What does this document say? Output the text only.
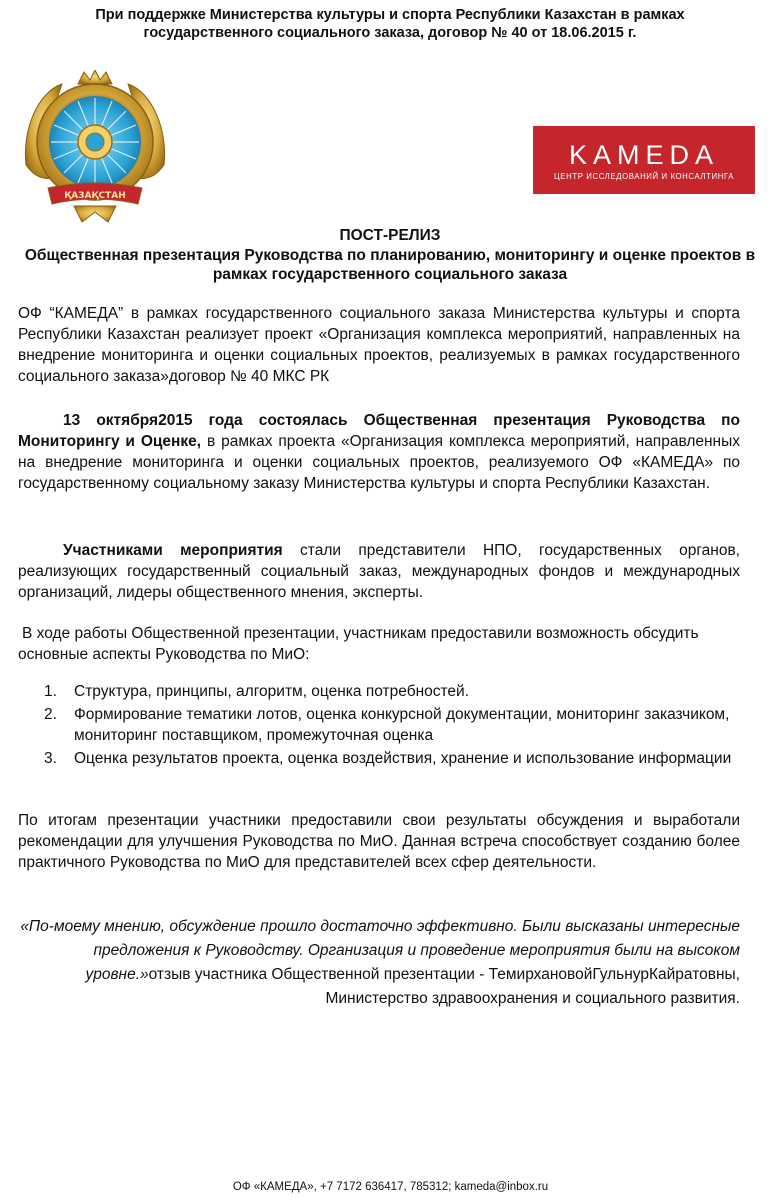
При поддержке Министерства культуры и спорта Республики Казахстан в рамках государственного социального заказа, договор № 40 от 18.06.2015 г.
ҚАЗАҚСТАН
KAMEDA
ЦЕНТР ИССЛЕДОВАНИЙ И КОНСАЛТИНГА
ПОСТ-РЕЛИЗ
Общественная презентация Руководства по планированию, мониторингу и оценке проектов в рамках государственного социального заказа
ОФ “КАМЕДА” в рамках государственного социального заказа Министерства культуры и спорта Республики Казахстан реализует проект «Организация комплекса мероприятий, направленных на внедрение мониторинга и оценки социальных проектов, реализуемых в рамках государственного социального заказа»договор № 40 МКС РК
13 октября2015 года состоялась Общественная презентация Руководства по Мониторингу и Оценке, в рамках проекта «Организация комплекса мероприятий, направленных на внедрение мониторинга и оценки социальных проектов, реализуемого ОФ «КАМЕДА» по государственному социальному заказу Министерства культуры и спорта Республики Казахстан.
Участниками мероприятия стали представители НПО, государственных органов, реализующих государственный социальный заказ, международных фондов и международных организаций, лидеры общественного мнения, эксперты.
В ходе работы Общественной презентации, участникам предоставили возможность обсудить основные аспекты Руководства по МиО:
1. Структура, принципы, алгоритм, оценка потребностей.
2. Формирование тематики лотов, оценка конкурсной документации, мониторинг заказчиком, мониторинг поставщиком, промежуточная оценка
3. Оценка результатов проекта, оценка воздействия, хранение и использование информации
По итогам презентации участники предоставили свои результаты обсуждения и выработали рекомендации для улучшения Руководства по МиО. Данная встреча способствует созданию более практичного Руководства по МиО для представителей всех сфер деятельности.
«По-моему мнению, обсуждение прошло достаточно эффективно. Были высказаны интересные предложения к Руководству. Организация и проведение мероприятия были на высоком уровне.»отзыв участника Общественной презентации - ТемирхановойГульнурКайратовны, Министерство здравоохранения и социального развития.
ОФ «КАМЕДА», +7 7172 636417, 785312; kameda@inbox.ru
